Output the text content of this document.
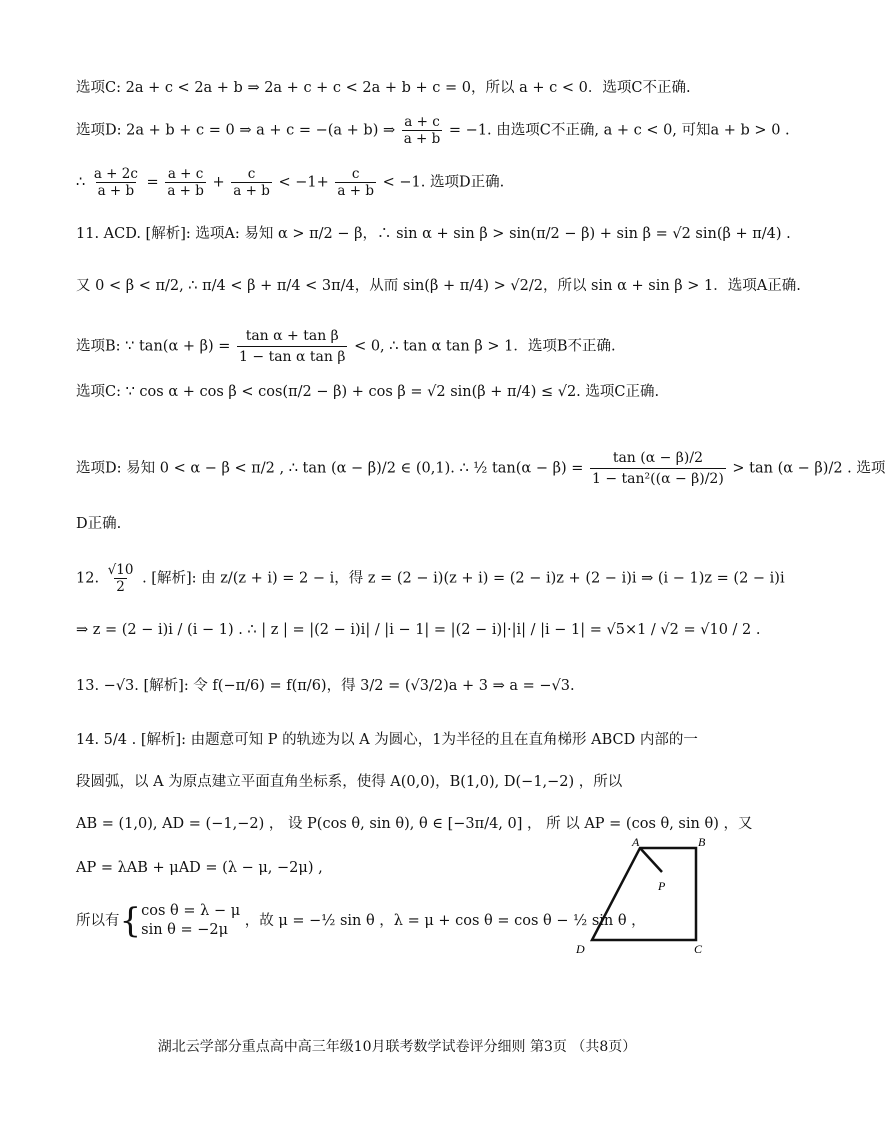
选项C: 2a + c < 2a + b ⇒ 2a + c + c < 2a + b + c = 0，所以 a + c < 0．选项C不正确.
选项D: 2a + b + c = 0 ⇒ a + c = −(a + b) ⇒ $\frac{a + c}{a + b} = -1$. 由选项C不正确, a + c < 0, 可知a + b > 0 .
∴ $\frac{a + 2c}{a + b} = \frac{a + c}{a + b} + \frac{c}{a + b} < -1+ \frac{c}{a + b} < -1$. 选项D正确.
11. ACD. [解析]: 选项A: 易知 α > π/2 − β，∴ sin α + sin β > sin(π/2 − β) + sin β = √2 sin(β + π/4) .
又 0 < β < π/2, ∴ π/4 < β + π/4 < 3π/4，从而 sin(β + π/4) > √2/2，所以 sin α + sin β > 1．选项A正确.
选项B: ∵ $\tan(\alpha + \beta) = \frac{\text{tan α + tan β}}{\text{1 − tan α tan β}} < 0$, ∴ tan α tan β > 1．选项B不正确.
选项C: ∵ cos α + cos β < cos(π/2 − β) + cos β = √2 sin(β + π/4) ≤ √2. 选项C正确.
选项D: 易知 0 < α − β < π/2 , ∴ tan (α − β)/2 ∈ (0,1). ∴ ½ $\tan(\alpha - \beta) = \frac{\tan (\alpha - \beta)/2}{\text{1 − tan²((α − β)/2)}} > \tan (\alpha - \beta)/2$ . 选项
D正确.
12. $\frac{√10}{2}$ . [解析]: 由 z/(z + i) = 2 − i，得 z = (2 − i)(z + i) = (2 − i)z + (2 − i)i ⇒ (i − 1)z = (2 − i)i
⇒ z = (2 − i)i / (i − 1) . ∴ | z | = |(2 − i)i| / |i − 1| = |(2 − i)|·|i| / |i − 1| = √5×1 / √2 = √10 / 2 .
13. −√3. [解析]: 令 f(−π/6) = f(π/6)，得 3/2 = (√3/2)a + 3 ⇒ a = −√3.
14. 5/4 . [解析]: 由题意可知 P 的轨迹为以 A 为圆心，1为半径的且在直角梯形 ABCD 内部的一
段圆弧，以 A 为原点建立平面直角坐标系，使得 A(0,0)，B(1,0), D(−1,−2) ，所以
AB = (1,0), AD = (−1,−2) ， 设 P(cos θ, sin θ), θ ∈ [−3π/4, 0] ， 所 以 AP = (cos θ, sin θ) ，又
AP = λAB + μAD = (λ − μ, −2μ) ,
所以有{ cos θ = λ − μ
sin θ = −2μ
，故 μ = −½ sin θ ，λ = μ + cos θ = cos θ − ½ sin θ ，
A	B
C
D
P
湖北云学部分重点高中高三年级10月联考数学试卷评分细则 第3页 （共8页）
